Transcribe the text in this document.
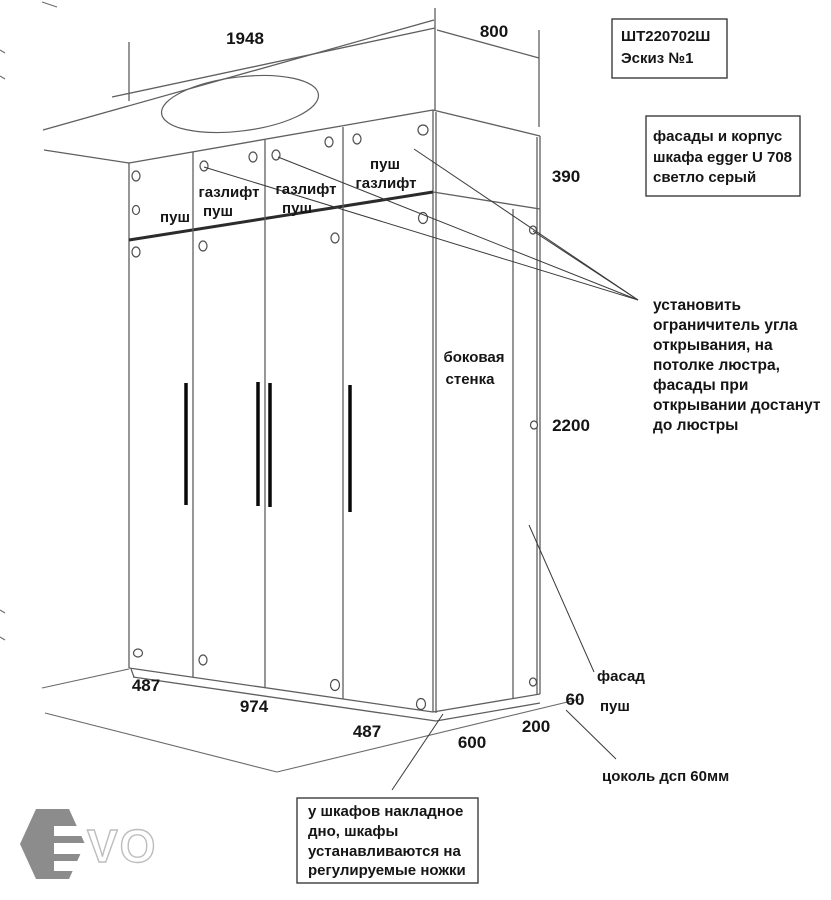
1948	800
пуш
газлифт
пуш
газлифт
пуш
пуш
газлифт
боковая
стенка
фасад
пуш
цоколь дсп 60мм
390
2200
487
974
487
600
200
60
ШТ220702Ш
Эскиз №1
фасады и корпус
шкафа egger U 708
светло серый
установить
ограничитель угла
открывания, на
потолке люстра,
фасады при
открывании достанут
до люстры
у шкафов накладное
дно, шкафы
устанавливаются на
регулируемые ножки
VO
